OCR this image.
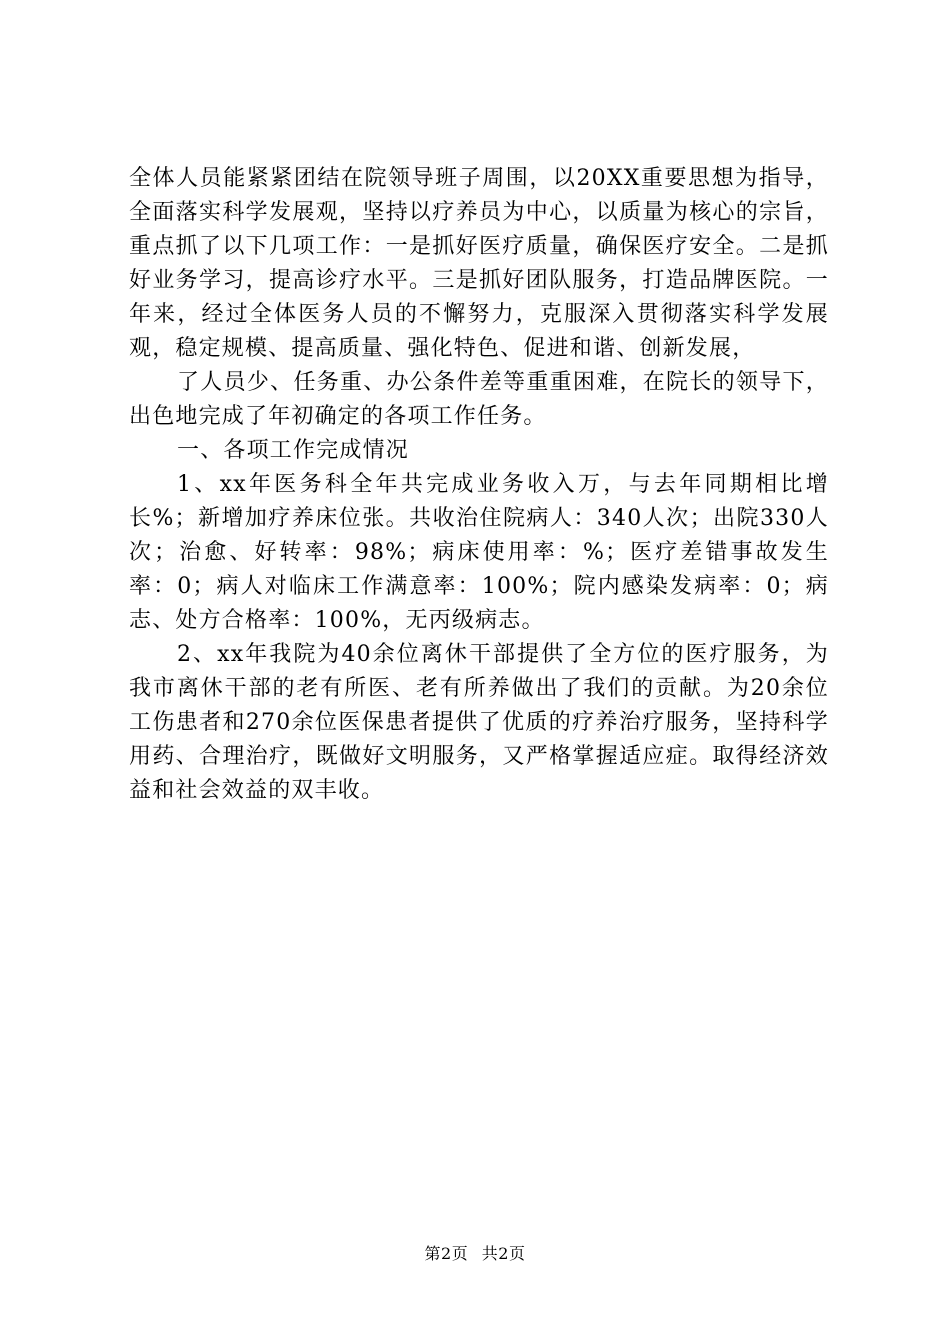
全体人员能紧紧团结在院领导班子周围，以20XX重要思想为指导，全面落实科学发展观，坚持以疗养员为中心，以质量为核心的宗旨，重点抓了以下几项工作：一是抓好医疗质量，确保医疗安全。二是抓好业务学习，提高诊疗水平。三是抓好团队服务，打造品牌医院。一年来，经过全体医务人员的不懈努力，克服深入贯彻落实科学发展观，稳定规模、提高质量、强化特色、促进和谐、创新发展，

了人员少、任务重、办公条件差等重重困难，在院长的领导下，出色地完成了年初确定的各项工作任务。

一、各项工作完成情况

1、xx年医务科全年共完成业务收入万，与去年同期相比增长%；新增加疗养床位张。共收治住院病人：340人次；出院330人次；治愈、好转率：98%；病床使用率：%；医疗差错事故发生率：0；病人对临床工作满意率：100%；院内感染发病率：0；病志、处方合格率：100%，无丙级病志。

2、xx年我院为40余位离休干部提供了全方位的医疗服务，为我市离休干部的老有所医、老有所养做出了我们的贡献。为20余位工伤患者和270余位医保患者提供了优质的疗养治疗服务，坚持科学用药、合理治疗，既做好文明服务，又严格掌握适应症。取得经济效益和社会效益的双丰收。

第2页 共2页
